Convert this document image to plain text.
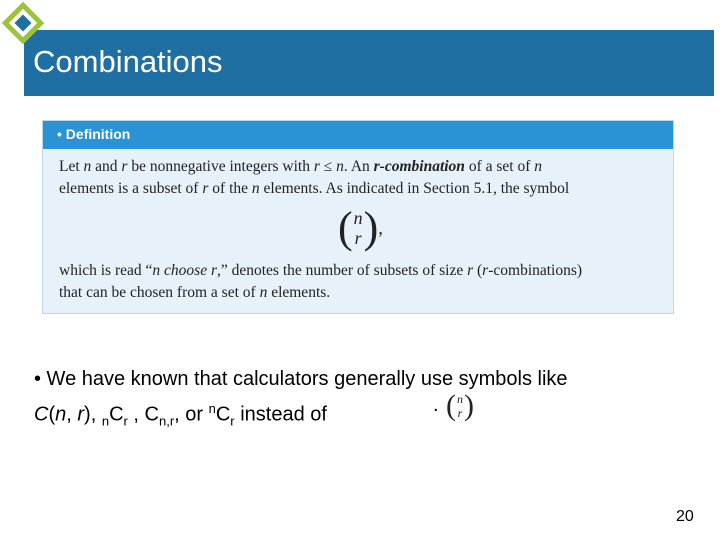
Combinations
• Definition
Let n and r be nonnegative integers with r ≤ n. An r-combination of a set of n
elements is a subset of r of the n elements. As indicated in Section 5.1, the symbol
( n
r ) ,
which is read “n choose r,” denotes the number of subsets of size r (r-combinations)
that can be chosen from a set of n elements.
• We have known that calculators generally use symbols like
C(n, r), $_nC_r$ , $C_{n,r}$, or $^nC_r$ instead of	. ( n
r )
20
